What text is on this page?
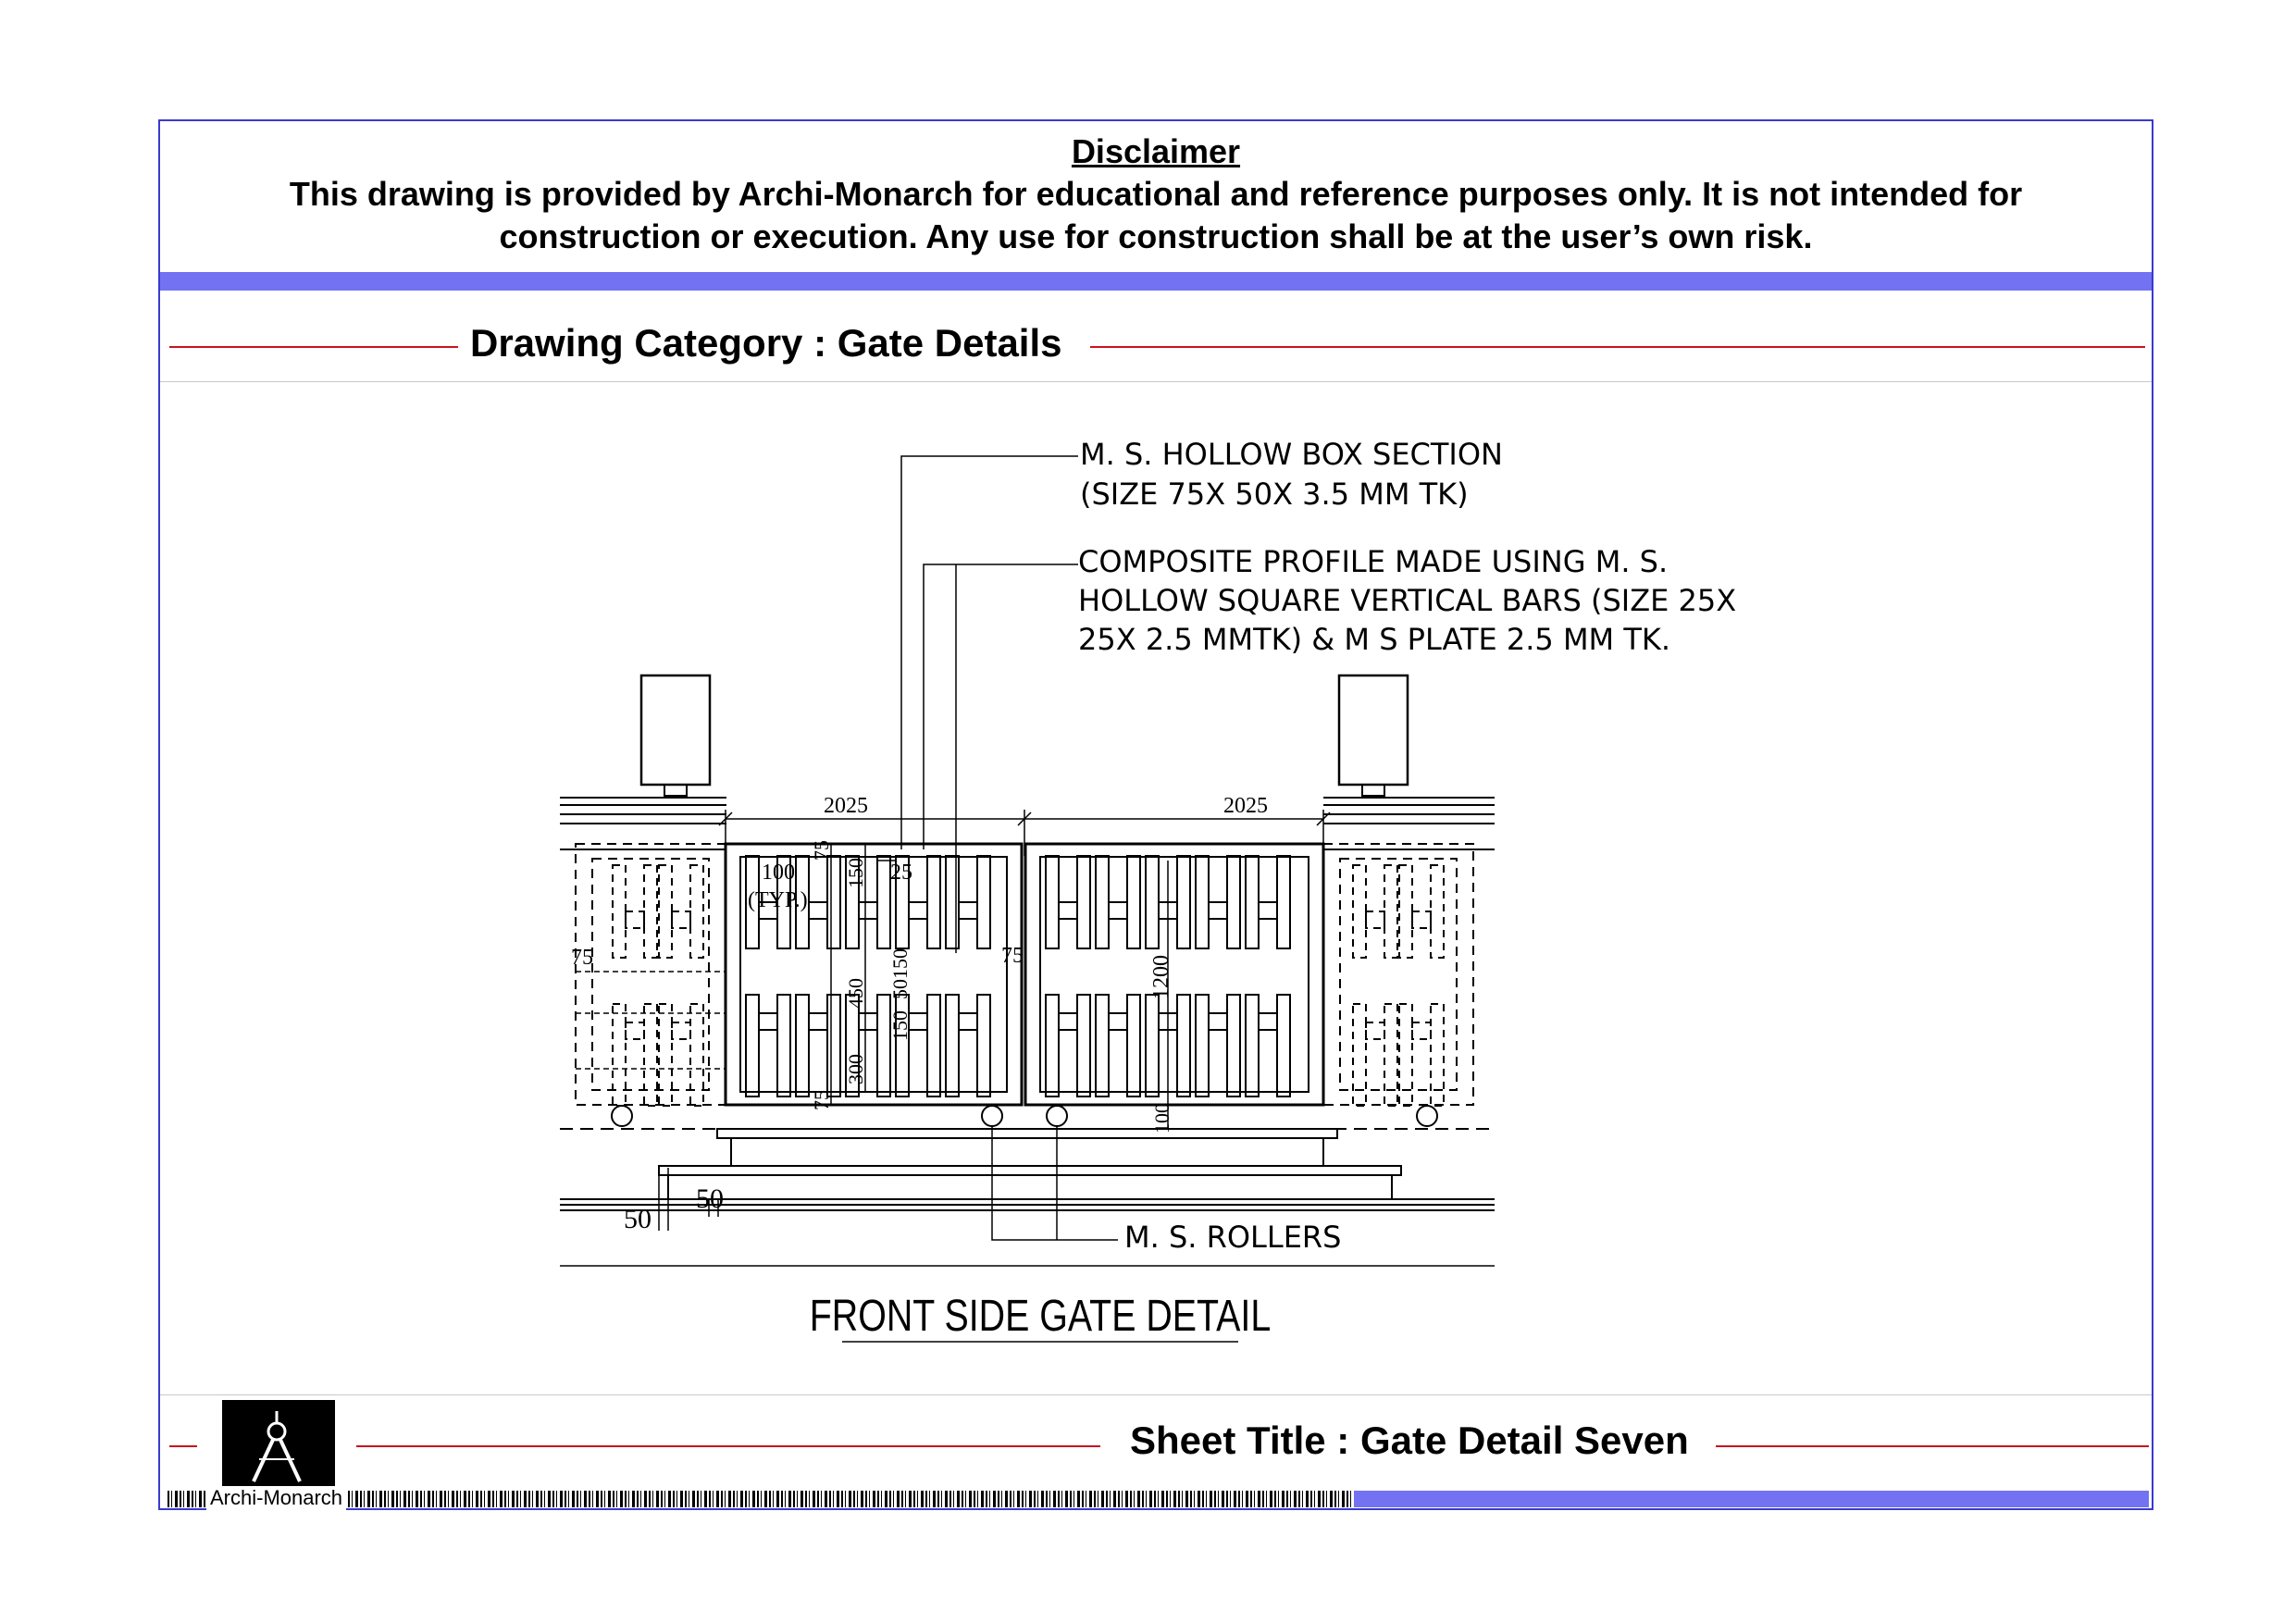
Disclaimer
This drawing is provided by Archi-Monarch for educational and reference purposes only. It is not intended for construction or execution. Any use for construction shall be at the user’s own risk.
Drawing Category : Gate Details
Sheet Title : Gate Detail Seven
Archi-Monarch
M. S. HOLLOW BOX SECTION
(SIZE 75X 50X 3.5 MM TK)
COMPOSITE PROFILE MADE USING M. S.
HOLLOW SQUARE VERTICAL BARS (SIZE 25X
25X 2.5 MMTK) & M S PLATE 2.5 MM TK.
M. S. ROLLERS
2025	2025
100
(TYP.)
75
150 25
75	75
450 50150
150
300
75
1200
100
50
50
FRONT SIDE GATE DETAIL
